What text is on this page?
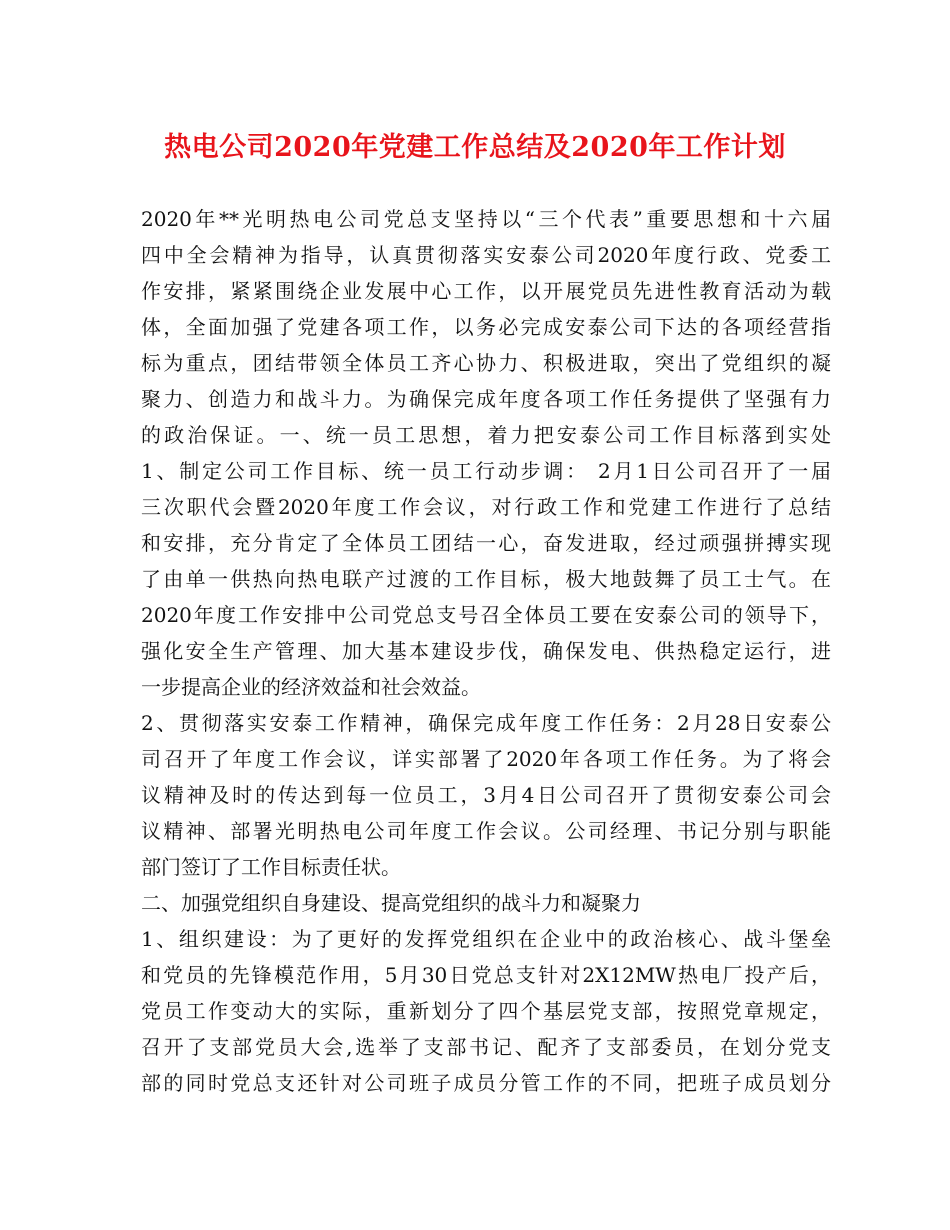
热电公司2020年党建工作总结及2020年工作计划
2020年**光明热电公司党总支坚持以“三个代表”重要思想和十六届
四中全会精神为指导，认真贯彻落实安泰公司2020年度行政、党委工
作安排，紧紧围绕企业发展中心工作，以开展党员先进性教育活动为载
体，全面加强了党建各项工作，以务必完成安泰公司下达的各项经营指
标为重点，团结带领全体员工齐心协力、积极进取，突出了党组织的凝
聚力、创造力和战斗力。为确保完成年度各项工作任务提供了坚强有力
的政治保证。一、统一员工思想，着力把安泰公司工作目标落到实处
1、制定公司工作目标、统一员工行动步调： 2月1日公司召开了一届
三次职代会暨2020年度工作会议，对行政工作和党建工作进行了总结
和安排，充分肯定了全体员工团结一心，奋发进取，经过顽强拼搏实现
了由单一供热向热电联产过渡的工作目标，极大地鼓舞了员工士气。在
2020年度工作安排中公司党总支号召全体员工要在安泰公司的领导下，
强化安全生产管理、加大基本建设步伐，确保发电、供热稳定运行，进
一步提高企业的经济效益和社会效益。
2、贯彻落实安泰工作精神，确保完成年度工作任务：2月28日安泰公
司召开了年度工作会议，详实部署了2020年各项工作任务。为了将会
议精神及时的传达到每一位员工，3月4日公司召开了贯彻安泰公司会
议精神、部署光明热电公司年度工作会议。公司经理、书记分别与职能
部门签订了工作目标责任状。
二、加强党组织自身建设、提高党组织的战斗力和凝聚力
1、组织建设：为了更好的发挥党组织在企业中的政治核心、战斗堡垒
和党员的先锋模范作用，5月30日党总支针对2X12MW热电厂投产后，
党员工作变动大的实际，重新划分了四个基层党支部，按照党章规定，
召开了支部党员大会,选举了支部书记、配齐了支部委员，在划分党支
部的同时党总支还针对公司班子成员分管工作的不同，把班子成员划分
